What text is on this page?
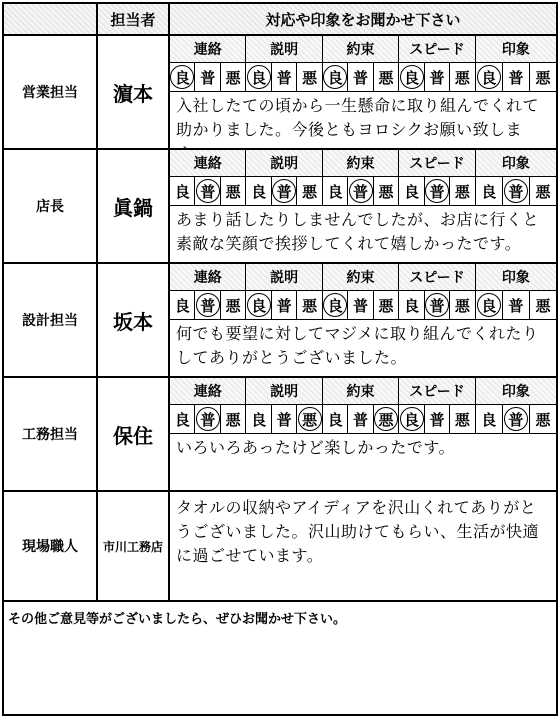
担当者	対応や印象をお聞かせ下さい
営業担当	濵本
連絡	説明	約束	スピード	印象
良 普 悪 良 普 悪 良 普 悪 良 普 悪 良 普 悪
入社したての頃から一生懸命に取り組んでくれて助かりました。今後ともヨロシクお願い致しま
店長	眞鍋
連絡	説明	約束	スピード	印象
良 普 悪 良 普 悪 良 普 悪 良 普 悪 良 普 悪
あまり話したりしませんでしたが、お店に行くと素敵な笑顔で挨拶してくれて嬉しかったです。
設計担当	坂本
連絡	説明	約束	スピード	印象
良 普 悪 良 普 悪 良 普 悪 良 普 悪 良 普 悪
何でも要望に対してマジメに取り組んでくれたりしてありがとうございました。
工務担当	保住
連絡	説明	約束	スピード	印象
良 普 悪 良 普 悪 良 普 悪 良 普 悪 良 普 悪
いろいろあったけど楽しかったです。
現場職人	市川工務店
タオルの収納やアイディアを沢山くれてありがとうございました。沢山助けてもらい、生活が快適に過ごせています。
その他ご意見等がございましたら、ぜひお聞かせ下さい。
